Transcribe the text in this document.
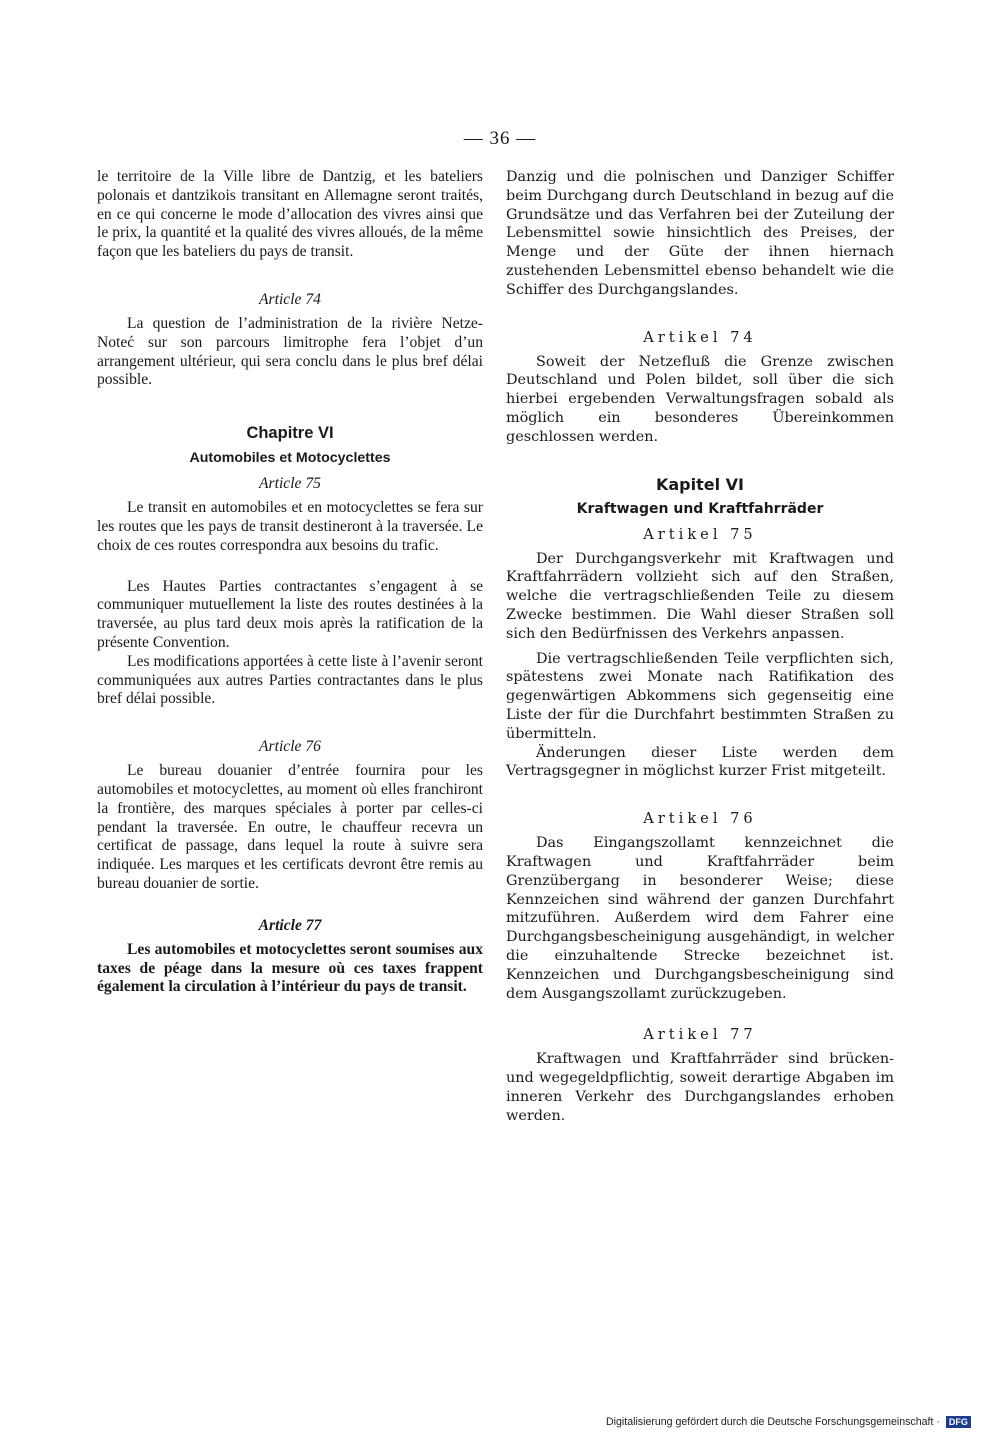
— 36 —

le territoire de la Ville libre de Dantzig, et les bateliers polonais et dantzikois transitant en Allemagne seront traités, en ce qui concerne le mode d’allocation des vivres ainsi que le prix, la quantité et la qualité des vivres alloués, de la même façon que les bateliers du pays de transit.

Article 74

La question de l’administration de la rivière Netze-Noteć sur son parcours limitrophe fera l’objet d’un arrangement ultérieur, qui sera conclu dans le plus bref délai possible.

Chapitre VI
Automobiles et Motocyclettes
Article 75

Le transit en automobiles et en motocyclettes se fera sur les routes que les pays de transit destineront à la traversée. Le choix de ces routes correspondra aux besoins du trafic.

Les Hautes Parties contractantes s’engagent à se communiquer mutuellement la liste des routes destinées à la traversée, au plus tard deux mois après la ratification de la présente Convention.

Les modifications apportées à cette liste à l’avenir seront communiquées aux autres Parties contractantes dans le plus bref délai possible.

Article 76

Le bureau douanier d’entrée fournira pour les automobiles et motocyclettes, au moment où elles franchiront la frontière, des marques spéciales à porter par celles-ci pendant la traversée. En outre, le chauffeur recevra un certificat de passage, dans lequel la route à suivre sera indiquée. Les marques et les certificats devront être remis au bureau douanier de sortie.

Article 77

Les automobiles et motocyclettes seront soumises aux taxes de péage dans la mesure où ces taxes frappent également la circulation à l’intérieur du pays de transit.

Danzig und die polnischen und Danziger Schiffer beim Durchgang durch Deutschland in bezug auf die Grundsätze und das Verfahren bei der Zuteilung der Lebensmittel sowie hinsichtlich des Preises, der Menge und der Güte der ihnen hiernach zustehenden Lebensmittel ebenso behandelt wie die Schiffer des Durchgangslandes.

Artikel 74

Soweit der Netzefluß die Grenze zwischen Deutschland und Polen bildet, soll über die sich hierbei ergebenden Verwaltungsfragen sobald als möglich ein besonderes Übereinkommen geschlossen werden.

Kapitel VI
Kraftwagen und Kraftfahrräder
Artikel 75

Der Durchgangsverkehr mit Kraftwagen und Kraftfahrrädern vollzieht sich auf den Straßen, welche die vertragschließenden Teile zu diesem Zwecke bestimmen. Die Wahl dieser Straßen soll sich den Bedürfnissen des Verkehrs anpassen.

Die vertragschließenden Teile verpflichten sich, spätestens zwei Monate nach Ratifikation des gegenwärtigen Abkommens sich gegenseitig eine Liste der für die Durchfahrt bestimmten Straßen zu übermitteln.

Änderungen dieser Liste werden dem Vertragsgegner in möglichst kurzer Frist mitgeteilt.

Artikel 76

Das Eingangszollamt kennzeichnet die Kraftwagen und Kraftfahrräder beim Grenzübergang in besonderer Weise; diese Kennzeichen sind während der ganzen Durchfahrt mitzuführen. Außerdem wird dem Fahrer eine Durchgangsbescheinigung ausgehändigt, in welcher die einzuhaltende Strecke bezeichnet ist. Kennzeichen und Durchgangsbescheinigung sind dem Ausgangszollamt zurückzugeben.

Artikel 77

Kraftwagen und Kraftfahrräder sind brücken- und wegegeldpflichtig, soweit derartige Abgaben im inneren Verkehr des Durchgangslandes erhoben werden.

Digitalisierung gefördert durch die Deutsche Forschungsgemeinschaft · DFG
